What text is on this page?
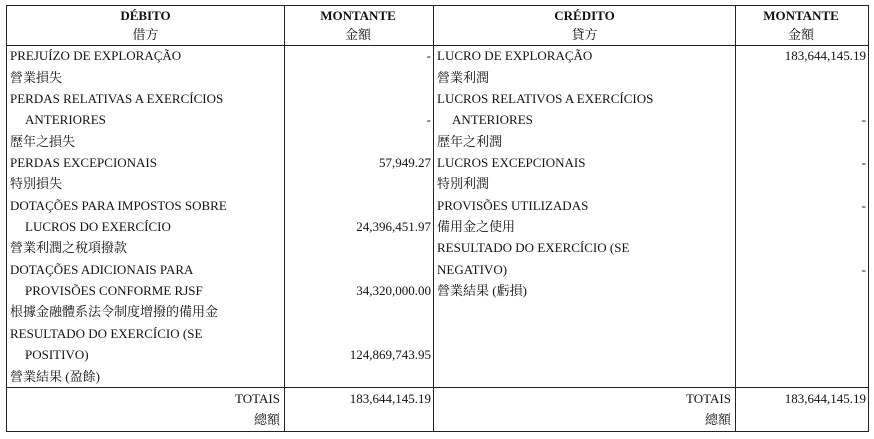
DÉBITO	MONTANTE	CRÉDITO	MONTANTE
借方	金額	貸方	金額
PREJUÍZO DE EXPLORAÇÃO	-	LUCRO DE EXPLORAÇÃO	183,644,145.19
營業損失		營業利潤	
PERDAS RELATIVAS A EXERCÍCIOS		LUCROS RELATIVOS A EXERCÍCIOS	
ANTERIORES	-	ANTERIORES	-
歷年之損失		歷年之利潤	
PERDAS EXCEPCIONAIS	57,949.27	LUCROS EXCEPCIONAIS	-
特別損失		特別利潤	
DOTAÇÕES PARA IMPOSTOS SOBRE		PROVISÕES UTILIZADAS	-
LUCROS DO EXERCÍCIO	24,396,451.97	備用金之使用	
營業利潤之稅項撥款		RESULTADO DO EXERCÍCIO (SE	
DOTAÇÕES ADICIONAIS PARA		NEGATIVO)	-
PROVISÕES CONFORME RJSF	34,320,000.00	營業結果 (虧損)	
根據金融體系法令制度增撥的備用金			
RESULTADO DO EXERCÍCIO (SE			
POSITIVO)	124,869,743.95		
營業結果 (盈餘)			
TOTAIS	183,644,145.19	TOTAIS	183,644,145.19
總額		總額	
